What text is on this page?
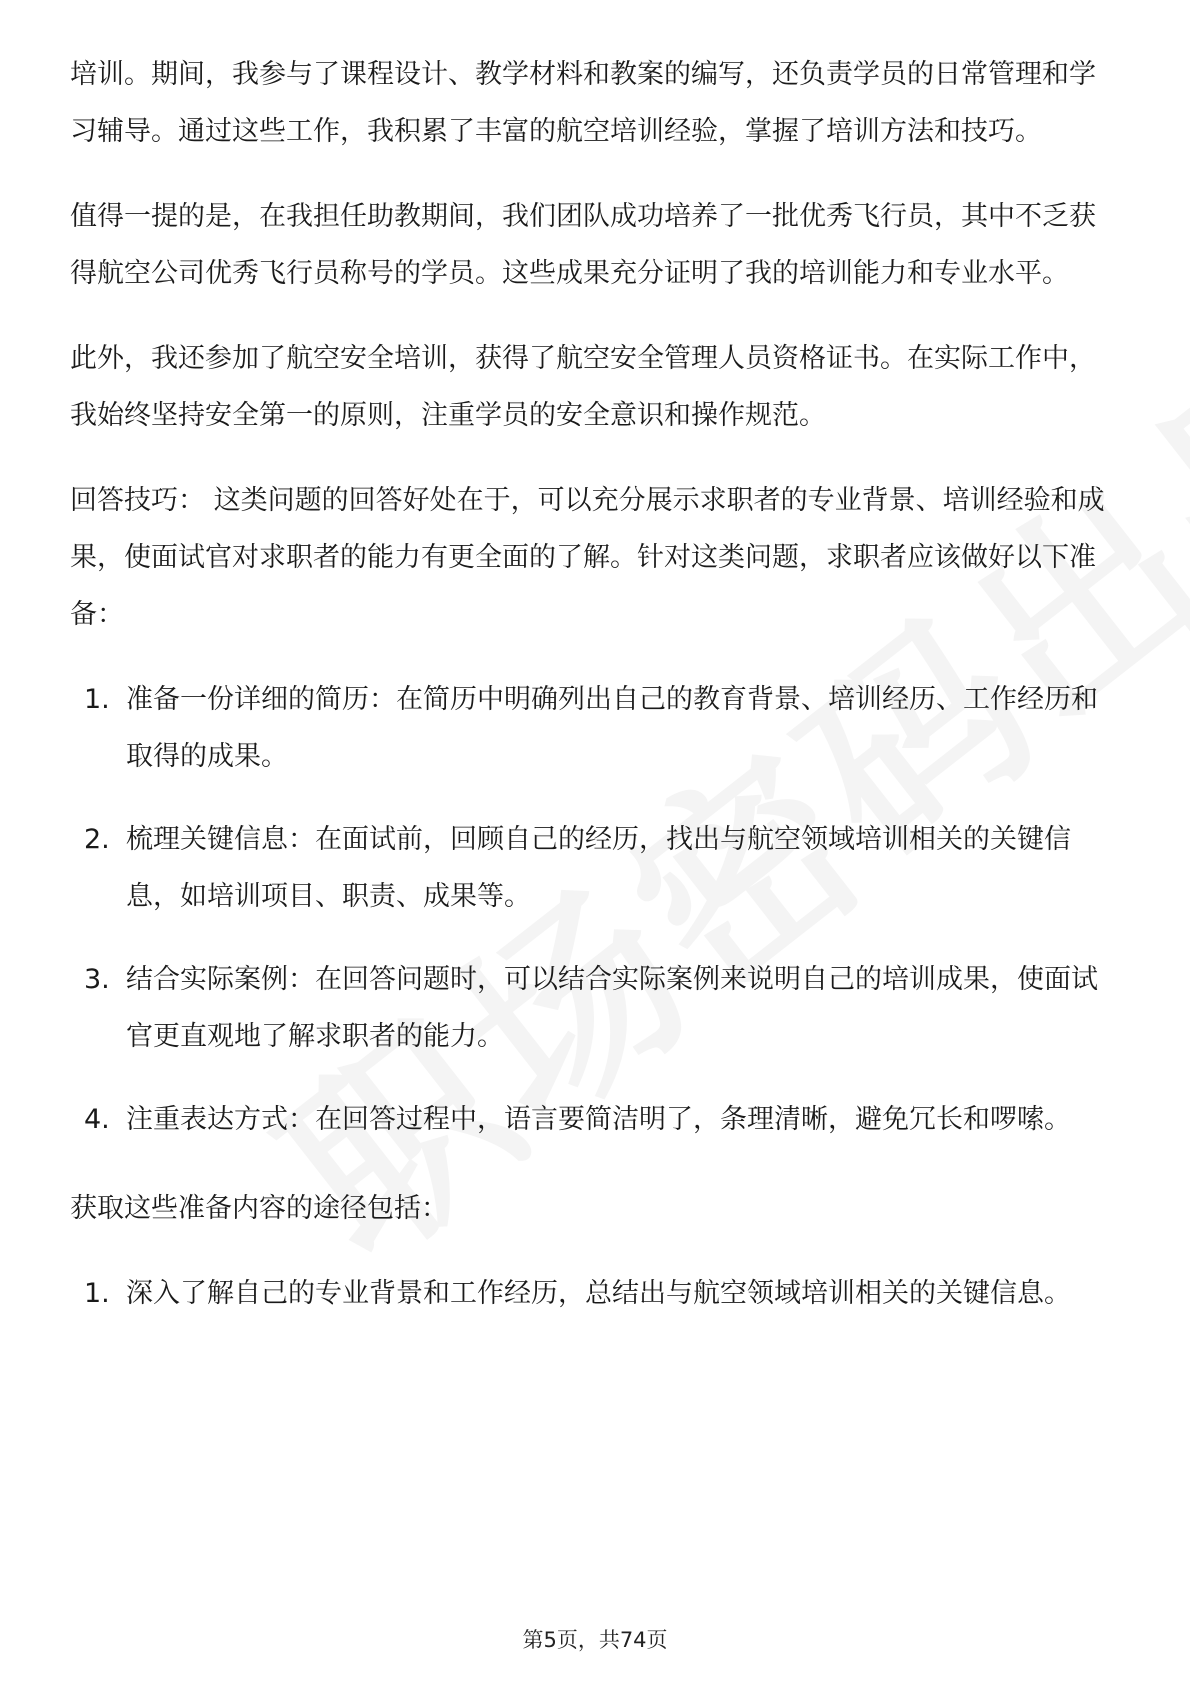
培训。期间，我参与了课程设计、教学材料和教案的编写，还负责学员的日常管理和学习辅导。通过这些工作，我积累了丰富的航空培训经验，掌握了培训方法和技巧。

值得一提的是，在我担任助教期间，我们团队成功培养了一批优秀飞行员，其中不乏获得航空公司优秀飞行员称号的学员。这些成果充分证明了我的培训能力和专业水平。

此外，我还参加了航空安全培训，获得了航空安全管理人员资格证书。在实际工作中，我始终坚持安全第一的原则，注重学员的安全意识和操作规范。

回答技巧： 这类问题的回答好处在于，可以充分展示求职者的专业背景、培训经验和成果，使面试官对求职者的能力有更全面的了解。针对这类问题，求职者应该做好以下准备：

1. 准备一份详细的简历：在简历中明确列出自己的教育背景、培训经历、工作经历和取得的成果。
2. 梳理关键信息：在面试前，回顾自己的经历，找出与航空领域培训相关的关键信息，如培训项目、职责、成果等。
3. 结合实际案例：在回答问题时，可以结合实际案例来说明自己的培训成果，使面试官更直观地了解求职者的能力。
4. 注重表达方式：在回答过程中，语言要简洁明了，条理清晰，避免冗长和啰嗦。

获取这些准备内容的途径包括：

1. 深入了解自己的专业背景和工作经历，总结出与航空领域培训相关的关键信息。
第5页，共74页
